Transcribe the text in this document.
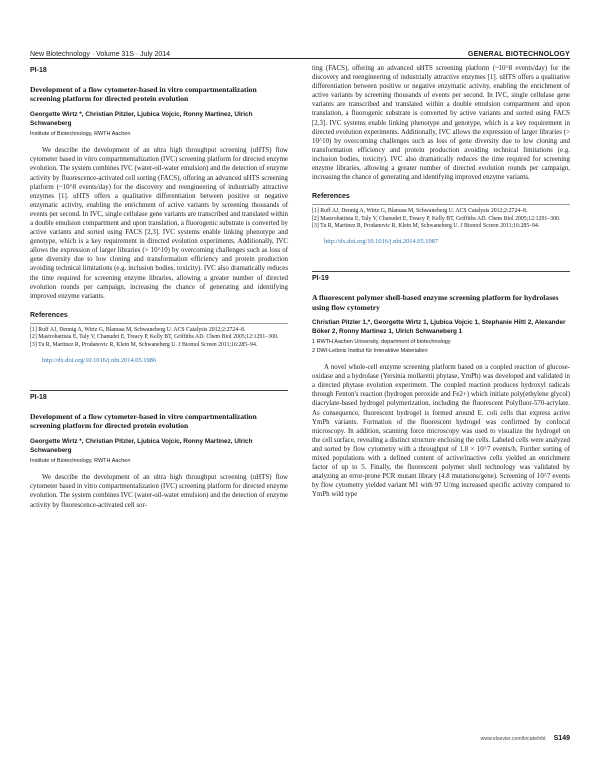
New Biotechnology · Volume 31S · July 2014	GENERAL BIOTECHNOLOGY
PI-18
Development of a flow cytometer-based in vitro compartmentalization screening platform for directed protein evolution
Georgette Wirtz *, Christian Pitzler, Ljubica Vojcic, Ronny Martinez, Ulrich Schwaneberg
Institute of Biotechnology, RWTH Aachen

We describe the development of an ultra high throughput screening (uHTS) flow cytometer based in vitro compartmentalization (IVC) screening platform for directed enzyme evolution. The system combines IVC (water-oil-water emulsion) and the detection of enzyme activity by fluorescence-activated cell sorting (FACS), offering an advanced uHTS screening platform (~10^8 events/day) for the discovery and reengineering of industrially attractive enzymes [1]. uHTS offers a qualitative differentiation between positive or negative enzymatic activity, enabling the enrichment of active variants by screening thousands of events per second. In IVC, single cellulase gene variants are transcribed and translated within a double emulsion compartment and upon translation, a fluorogenic substrate is converted by active variants and sorted using FACS [2,3]. IVC systems enable linking phenotype and genotype, which is a key requirement in directed evolution experiments. Additionally, IVC allows the expression of larger libraries (> 10^10) by overcoming challenges such as loss of gene diversity due to low cloning and transformation efficiency and protein production avoiding technical limitations (e.g. inclusion bodies, toxicity). IVC also dramatically reduces the time required for screening enzyme libraries, allowing a greater number of directed evolution rounds per campaign, increasing the chance of generating and identifying improved enzyme variants.

References

[1] Ruff AJ, Dennig A, Wirtz G, Blanusa M, Schwaneberg U. ACS Catalysis 2012;2:2724–8.

[2] Mastrobattista E, Taly V, Chanudet E, Treacy P, Kelly BT, Griffiths AD. Chem Biol 2005;12:1291–300.

[3] Tu R, Martinez R, Prodanovic R, Klein M, Schwaneberg U. J Biomol Screen 2011;16:285–94.

http://dx.doi.org/10.1016/j.nbt.2014.05.1986
PI-18
Development of a flow cytometer-based in vitro compartmentalization screening platform for directed protein evolution
Georgette Wirtz *, Christian Pitzler, Ljubica Vojcic, Ronny Martinez, Ulrich Schwaneberg
Institute of Biotechnology, RWTH Aachen

We describe the development of an ultra high throughput screening (uHTS) flow cytometer based in vitro compartmentalization (IVC) screening platform for directed enzyme evolution. The system combines IVC (water-oil-water emulsion) and the detection of enzyme activity by fluorescence-activated cell sor-

ting (FACS), offering an advanced uHTS screening platform (~10^8 events/day) for the discovery and reengineering of industrially attractive enzymes [1]. uHTS offers a qualitative differentiation between positive or negative enzymatic activity, enabling the enrichment of active variants by screening thousands of events per second. In IVC, single cellulase gene variants are transcribed and translated within a double emulsion compartment and upon translation, a fluorogenic substrate is converted by active variants and sorted using FACS [2,3]. IVC systems enable linking phenotype and genotype, which is a key requirement in directed evolution experiments. Additionally, IVC allows the expression of larger libraries (> 10^10) by overcoming challenges such as loss of gene diversity due to low cloning and transformation efficiency and protein production avoiding technical limitations (e.g. inclusion bodies, toxicity). IVC also dramatically reduces the time required for screening enzyme libraries, allowing a greater number of directed evolution rounds per campaign, increasing the chance of generating and identifying improved enzyme variants.

References

[1] Ruff AJ, Dennig A, Wirtz G, Blanusa M, Schwaneberg U. ACS Catalysis 2012;2:2724–8.

[2] Mastrobattista E, Taly V, Chanudet E, Treacy P, Kelly BT, Griffiths AD. Chem Biol 2005;12:1291–300.

[3] Tu R, Martinez R, Prodanovic R, Klein M, Schwaneberg U. J Biomol Screen 2011;16:285–94.

http://dx.doi.org/10.1016/j.nbt.2014.05.1987
PI-19
A fluorescent polymer shell-based enzyme screening platform for hydrolases using flow cytometry
Christian Pitzler 1,*, Georgette Wirtz 1, Ljubica Vojcic 1, Stephanie Hiltl 2, Alexander Böker 2, Ronny Martinez 1, Ulrich Schwaneberg 1
1 RWTH Aachen University, department of biotechnology
2 DWI-Leibniz Institut für Interaktive Materialien

A novel whole-cell enzyme screening platform based on a coupled reaction of glucose-oxidase and a hydrolase (Yersinia mollaretii phytase, YmPh) was developed and validated in a directed phytase evolution experiment. The coupled reaction produces hydroxyl radicals through Fenton's reaction (hydrogen peroxide and Fe2+) which initiate poly(ethylene glycol) diacrylate-based hydrogel polymerization, including the fluorescent Polyfluor-570-acrylate. As consequence, fluorescent hydrogel is formed around E. coli cells that express active YmPh variants. Formation of the fluorescent hydrogel was confirmed by confocal microscopy. In addition, scanning force microscopy was used to visualize the hydrogel on the cell surface, revealing a distinct structure enclosing the cells. Labeled cells were analyzed and sorted by flow cytometry with a throughput of 1.8 × 10^7 events/h. Further sorting of mixed populations with a defined content of active/inactive cells yielded an enrichment factor of up to 5. Finally, the fluorescent polymer shell technology was validated by analyzing an error-prone PCR mutant library (4.8 mutations/gene). Screening of 10^7 events by flow cytometry yielded variant M1 with 97 U/mg increased specific activity compared to YmPh wild type

www.elsevier.com/locate/nbt S149
